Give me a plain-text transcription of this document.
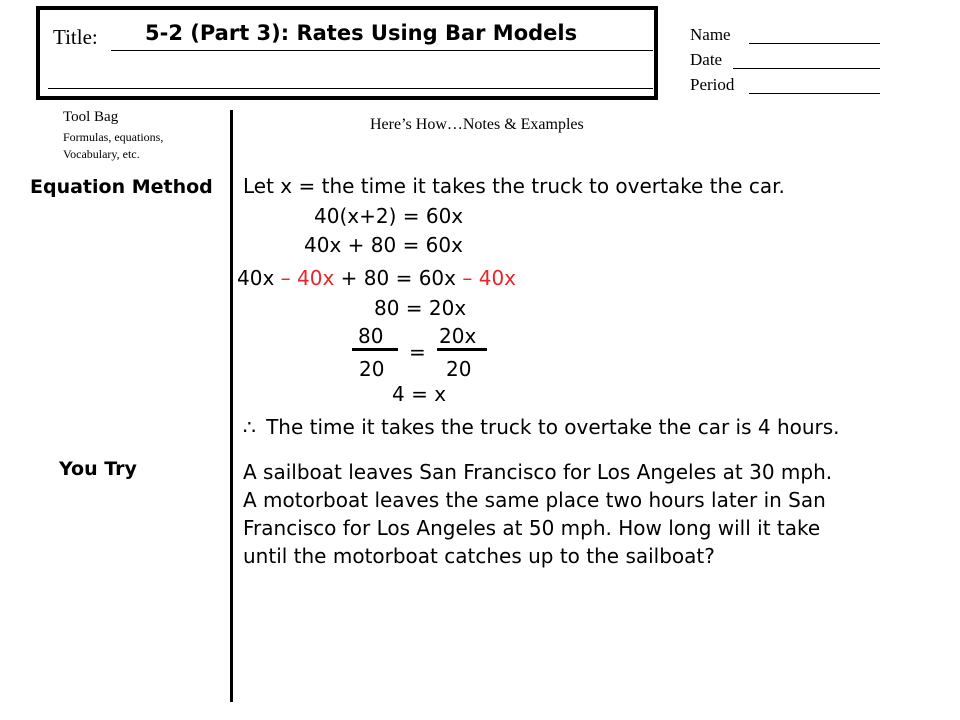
Title: 5-2 (Part 3): Rates Using Bar Models	Name
Date
Period
Tool Bag
Formulas, equations,
Vocabulary, etc.
Here’s How…Notes & Examples
Equation Method Let x = the time it takes the truck to overtake the car.
40(x+2) = 60x
40x + 80 = 60x
40x – 40x + 80 = 60x – 40x
80 = 20x
80
20
=
20x
20
4 = x
∴ The time it takes the truck to overtake the car is 4 hours.
You Try	A sailboat leaves San Francisco for Los Angeles at 30 mph.
A motorboat leaves the same place two hours later in San
Francisco for Los Angeles at 50 mph. How long will it take
until the motorboat catches up to the sailboat?
